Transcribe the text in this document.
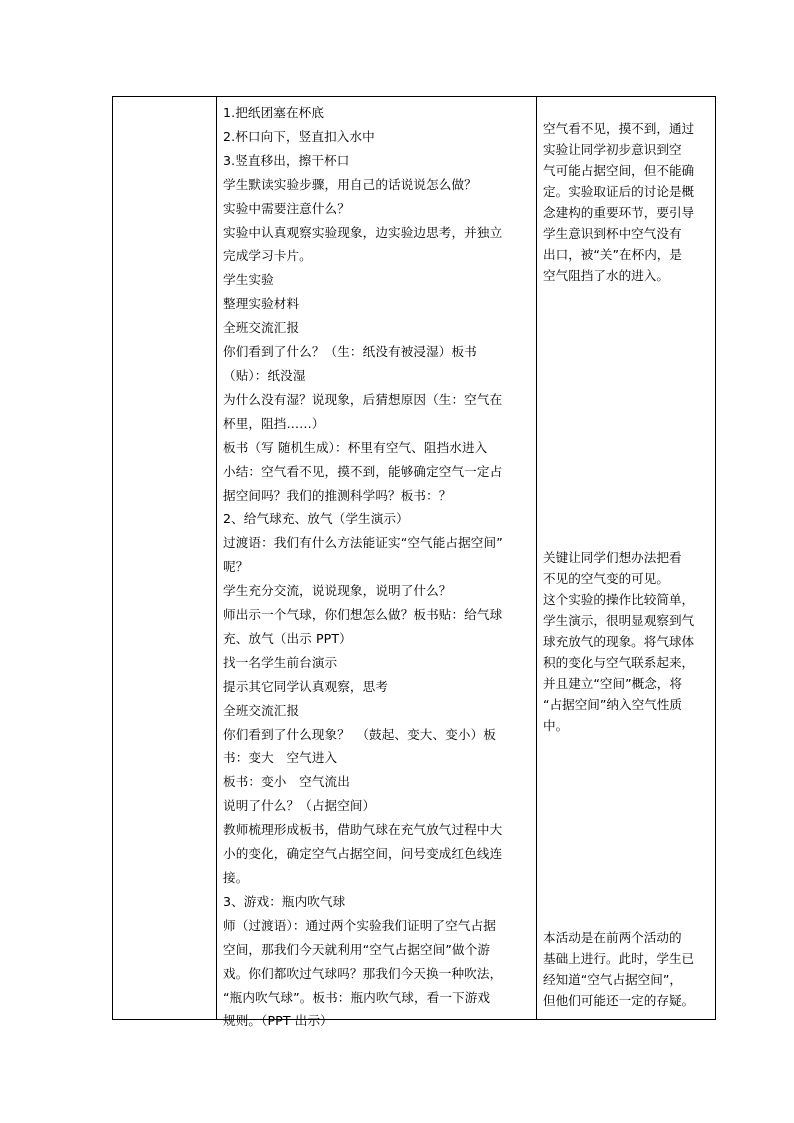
1.把纸团塞在杯底
2.杯口向下，竖直扣入水中
3.竖直移出，擦干杯口
学生默读实验步骤，用自己的话说说怎么做？
实验中需要注意什么？
实验中认真观察实验现象，边实验边思考，并独立
完成学习卡片。
学生实验
整理实验材料
全班交流汇报
你们看到了什么？（生：纸没有被浸湿）板书
（贴）：纸没湿
为什么没有湿？说现象，后猜想原因（生：空气在
杯里，阻挡……）
板书（写 随机生成）：杯里有空气、阻挡水进入
小结：空气看不见，摸不到，能够确定空气一定占
据空间吗？我们的推测科学吗？板书：？
2、给气球充、放气（学生演示）
过渡语：我们有什么方法能证实“空气能占据空间”
呢？
学生充分交流，说说现象，说明了什么？
师出示一个气球，你们想怎么做？板书贴：给气球
充、放气（出示 PPT）
找一名学生前台演示
提示其它同学认真观察，思考
全班交流汇报
你们看到了什么现象？　（鼓起、变大、变小）板
书：变大　空气进入
板书：变小　空气流出
说明了什么？（占据空间）
教师梳理形成板书，借助气球在充气放气过程中大
小的变化，确定空气占据空间，问号变成红色线连
接。
3、游戏：瓶内吹气球
师（过渡语）：通过两个实验我们证明了空气占据
空间，那我们今天就利用“空气占据空间”做个游
戏。你们都吹过气球吗？那我们今天换一种吹法，
“瓶内吹气球”。板书：瓶内吹气球，看一下游戏
规则。（PPT 出示）
空气看不见，摸不到，通过
实验让同学初步意识到空
气可能占据空间，但不能确
定。实验取证后的讨论是概
念建构的重要环节，要引导
学生意识到杯中空气没有
出口，被“关”在杯内，是
空气阻挡了水的进入。
关键让同学们想办法把看
不见的空气变的可见。
这个实验的操作比较简单，
学生演示，很明显观察到气
球充放气的现象。将气球体
积的变化与空气联系起来，
并且建立“空间”概念，将
“占据空间”纳入空气性质
中。
本活动是在前两个活动的
基础上进行。此时，学生已
经知道“空气占据空间”，
但他们可能还一定的存疑。
